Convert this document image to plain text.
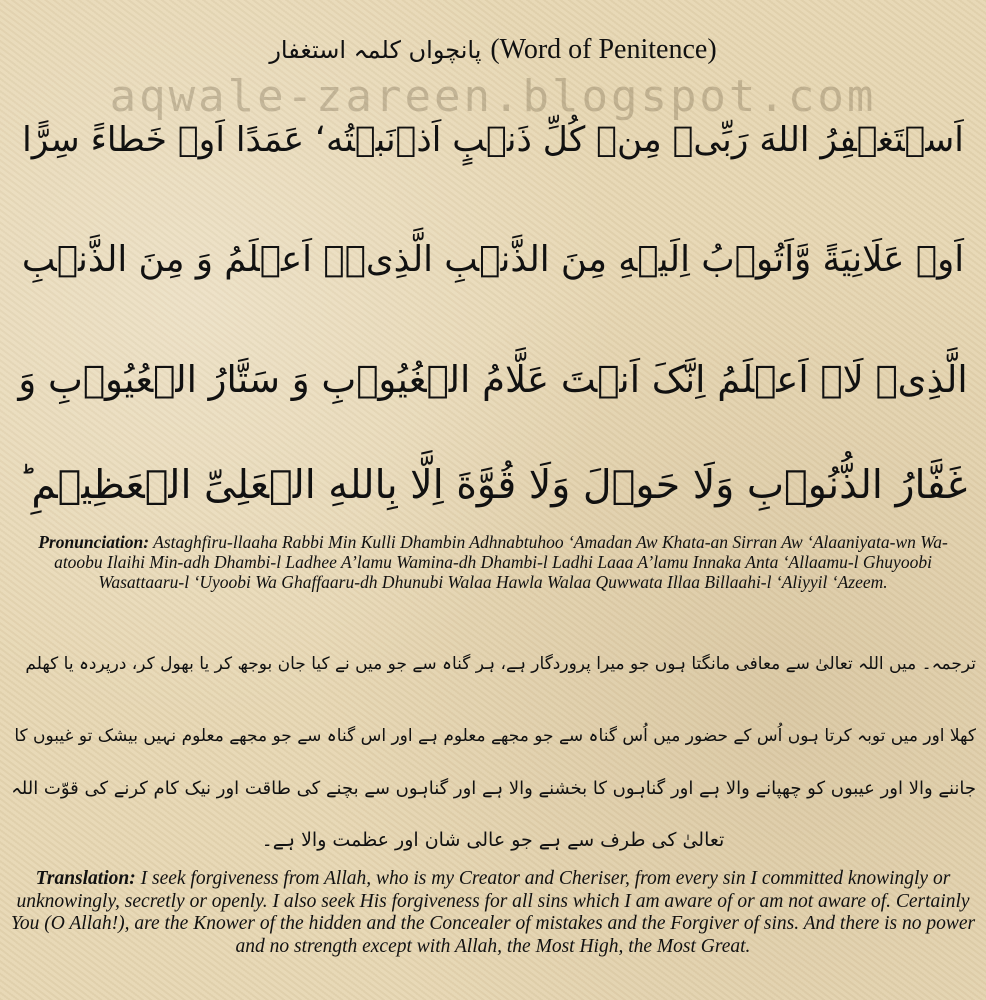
پانچواں کلمہ استغفار (Word of Penitence)
aqwale-zareen.blogspot.com
اَسۡتَغۡفِرُ اللهَ رَبِّیۡ مِنۡ کُلِّ ذَنۡبٍ اَذۡنَبۡتُه‘ عَمَدًا اَوۡ خَطاءً سِرًّا
اَوۡ عَلَانِیَةً وَّاَتُوۡبُ اِلَیۡهِ مِنَ الذَّنۡبِ الَّذِیۡۤ اَعۡلَمُ وَ مِنَ الذَّنۡبِ
الَّذِیۡ لَاۤ اَعۡلَمُ اِنَّکَ اَنۡتَ عَلَّامُ الۡغُیُوۡبِ وَ سَتَّارُ الۡعُیُوۡبِ وَ
غَفَّارُ الذُّنُوۡبِ وَلَا حَوۡلَ وَلَا قُوَّةَ اِلَّا بِاللهِ الۡعَلِیِّ الۡعَظِیۡمِ ؕ
Pronunciation: Astaghfiru-llaaha Rabbi Min Kulli Dhambin Adhnabtuhoo ‘Amadan Aw Khata-an Sirran Aw ‘Alaaniyata-wn Wa-atoobu Ilaihi Min-adh Dhambi-l Ladhee A’lamu Wamina-dh Dhambi-l Ladhi Laaa A’lamu Innaka Anta ‘Allaamu-l Ghuyoobi Wasattaaru-l ‘Uyoobi Wa Ghaffaaru-dh Dhunubi Walaa Hawla Walaa Quwwata Illaa Billaahi-l ‘Aliyyil ‘Azeem.
ترجمہ۔ میں اللہ تعالیٰ سے معافی مانگتا ہوں جو میرا پروردگار ہے، ہر گناہ سے جو میں نے کیا جان بوجھ کر یا بھول کر، درپردہ یا کھلم
کھلا اور میں توبہ کرتا ہوں اُس کے حضور میں اُس گناہ سے جو مجھے معلوم ہے اور اس گناہ سے جو مجھے معلوم نہیں بیشک تو غیبوں کا
جاننے والا اور عیبوں کو چھپانے والا ہے اور گناہوں کا بخشنے والا ہے اور گناہوں سے بچنے کی طاقت اور نیک کام کرنے کی قوّت اللہ
تعالیٰ کی طرف سے ہے جو عالی شان اور عظمت والا ہے۔
Translation: I seek forgiveness from Allah, who is my Creator and Cheriser, from every sin I committed knowingly or unknowingly, secretly or openly. I also seek His forgiveness for all sins which I am aware of or am not aware of. Certainly You (O Allah!), are the Knower of the hidden and the Concealer of mistakes and the Forgiver of sins. And there is no power and no strength except with Allah, the Most High, the Most Great.
